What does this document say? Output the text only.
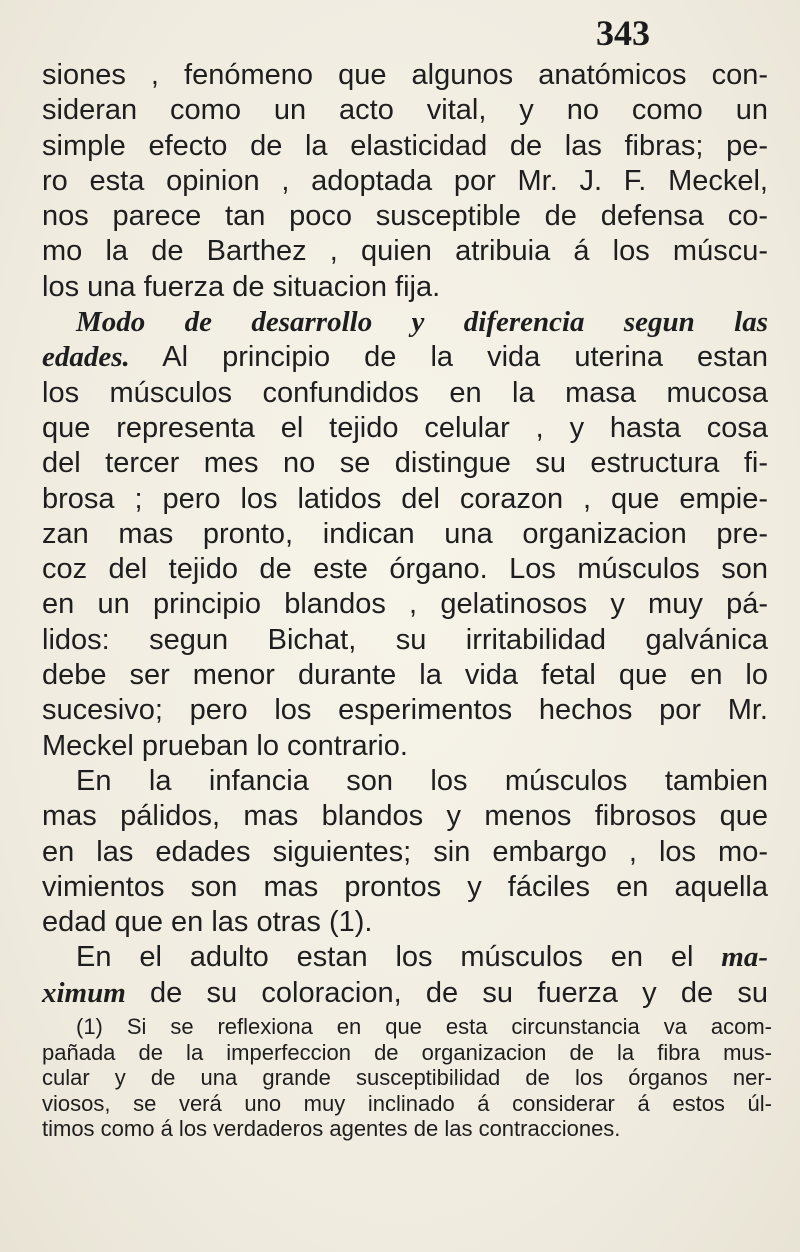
343
siones , fenómeno que algunos anatómicos con-
sideran como un acto vital, y no como un
simple efecto de la elasticidad de las fibras; pe-
ro esta opinion , adoptada por Mr. J. F. Meckel,
nos parece tan poco susceptible de defensa co-
mo la de Barthez , quien atribuia á los múscu-
los una fuerza de situacion fija.
Modo de desarrollo y diferencia segun las
edades. Al principio de la vida uterina estan
los músculos confundidos en la masa mucosa
que representa el tejido celular , y hasta cosa
del tercer mes no se distingue su estructura fi-
brosa ; pero los latidos del corazon , que empie-
zan mas pronto, indican una organizacion pre-
coz del tejido de este órgano. Los músculos son
en un principio blandos , gelatinosos y muy pá-
lidos: segun Bichat, su irritabilidad galvánica
debe ser menor durante la vida fetal que en lo
sucesivo; pero los esperimentos hechos por Mr.
Meckel prueban lo contrario.
En la infancia son los músculos tambien
mas pálidos, mas blandos y menos fibrosos que
en las edades siguientes; sin embargo , los mo-
vimientos son mas prontos y fáciles en aquella
edad que en las otras (1).
En el adulto estan los músculos en el ma-
ximum de su coloracion, de su fuerza y de su
(1) Si se reflexiona en que esta circunstancia va acom-
pañada de la imperfeccion de organizacion de la fibra mus-
cular y de una grande susceptibilidad de los órganos ner-
viosos, se verá uno muy inclinado á considerar á estos úl-
timos como á los verdaderos agentes de las contracciones.
